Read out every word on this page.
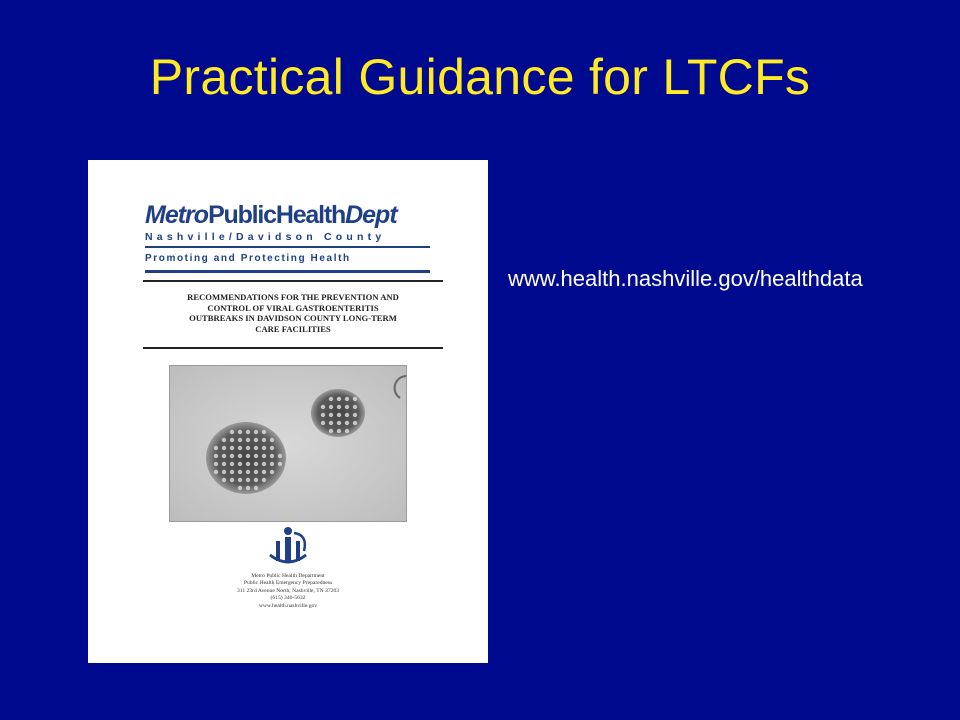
Practical Guidance for LTCFs
MetroPublicHealthDept
Nashville/Davidson County
Promoting and Protecting Health
RECOMMENDATIONS FOR THE PREVENTION AND
CONTROL OF VIRAL GASTROENTERITIS
OUTBREAKS IN DAVIDSON COUNTY LONG-TERM
CARE FACILITIES
Metro Public Health Department
Public Health Emergency Preparedness
311 23rd Avenue North, Nashville, TN 37203
(615) 340-5632
www.health.nashville.gov
www.health.nashville.gov/healthdata
